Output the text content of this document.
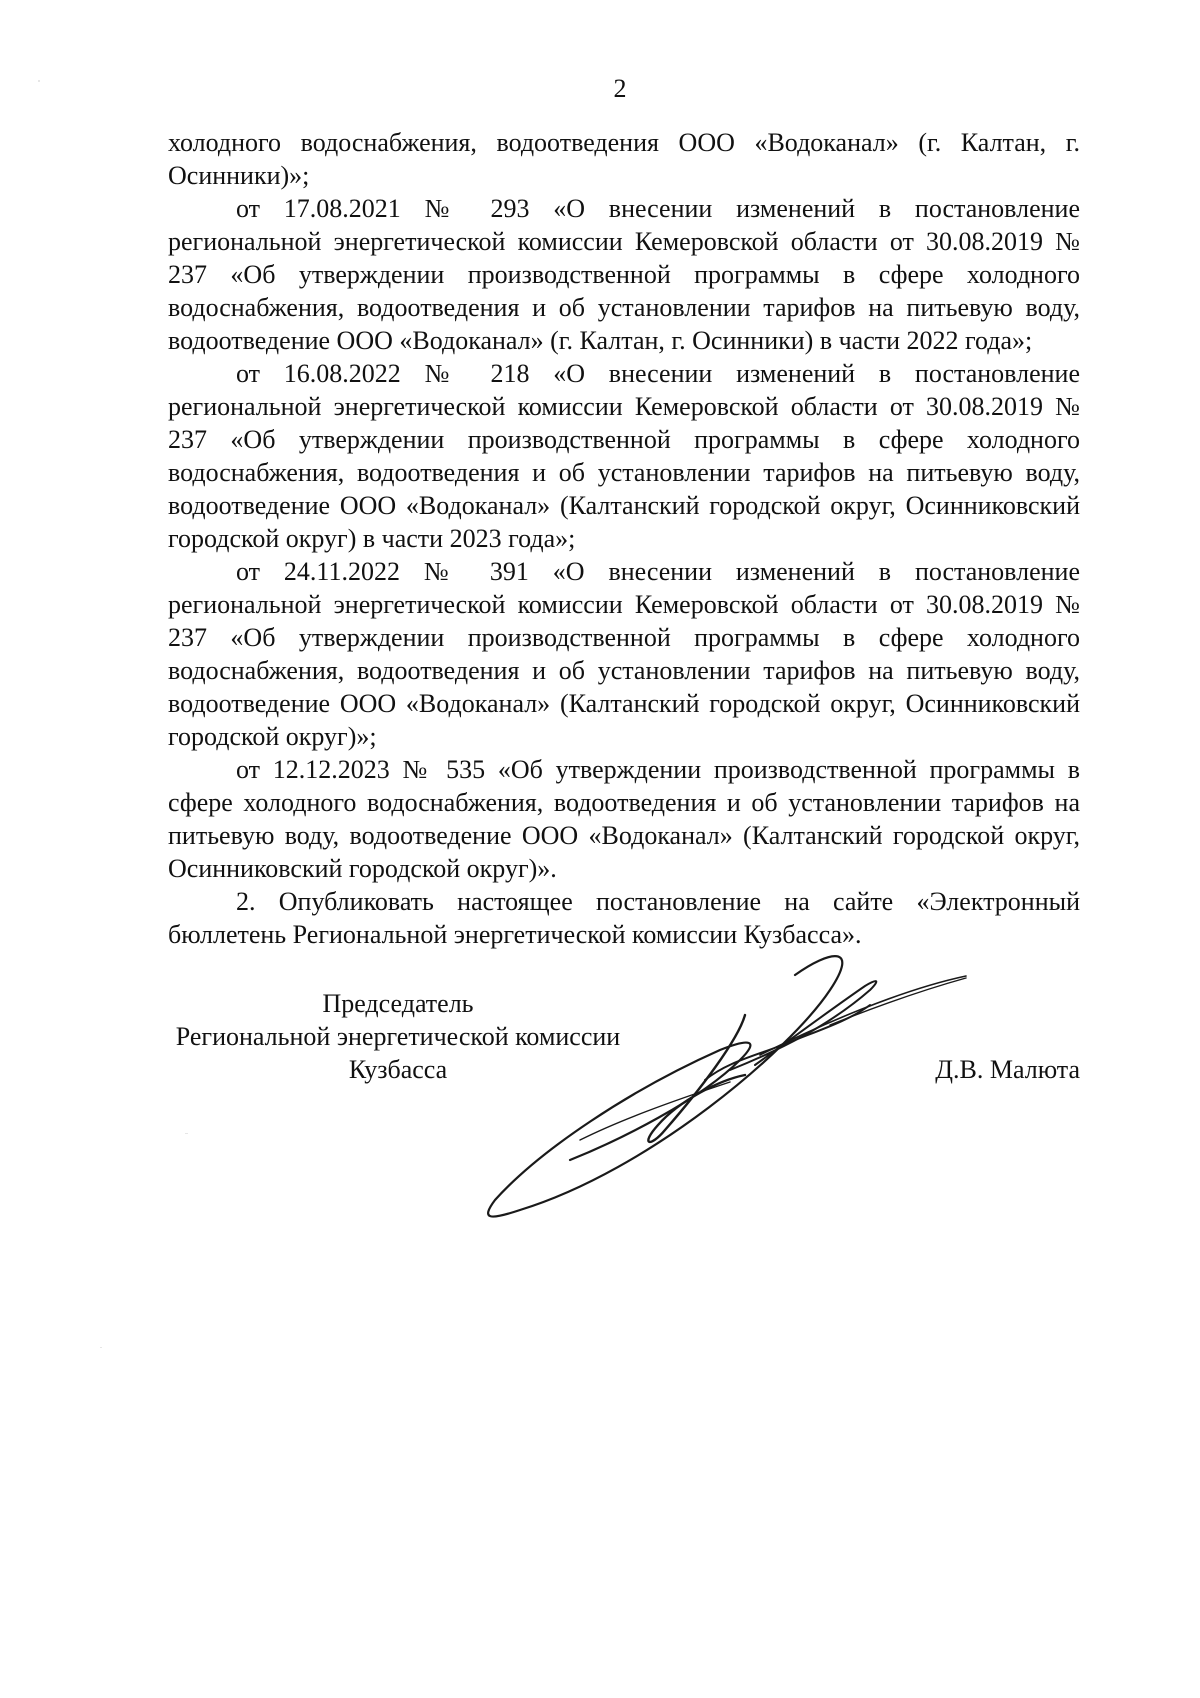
2

холодного водоснабжения, водоотведения ООО «Водоканал» (г. Калтан, г. Осинники)»;

от 17.08.2021 № 293 «О внесении изменений в постановление региональной энергетической комиссии Кемеровской области от 30.08.2019 № 237 «Об утверждении производственной программы в сфере холодного водоснабжения, водоотведения и об установлении тарифов на питьевую воду, водоотведение ООО «Водоканал» (г. Калтан, г. Осинники) в части 2022 года»;

от 16.08.2022 № 218 «О внесении изменений в постановление региональной энергетической комиссии Кемеровской области от 30.08.2019 № 237 «Об утверждении производственной программы в сфере холодного водоснабжения, водоотведения и об установлении тарифов на питьевую воду, водоотведение ООО «Водоканал» (Калтанский городской округ, Осинниковский городской округ) в части 2023 года»;

от 24.11.2022 № 391 «О внесении изменений в постановление региональной энергетической комиссии Кемеровской области от 30.08.2019 № 237 «Об утверждении производственной программы в сфере холодного водоснабжения, водоотведения и об установлении тарифов на питьевую воду, водоотведение ООО «Водоканал» (Калтанский городской округ, Осинниковский городской округ)»;

от 12.12.2023 № 535 «Об утверждении производственной программы в сфере холодного водоснабжения, водоотведения и об установлении тарифов на питьевую воду, водоотведение ООО «Водоканал» (Калтанский городской округ, Осинниковский городской округ)».

2. Опубликовать настоящее постановление на сайте «Электронный бюллетень Региональной энергетической комиссии Кузбасса».

Председатель
Региональной энергетической комиссии
Кузбасса	Д.В. Малюта
